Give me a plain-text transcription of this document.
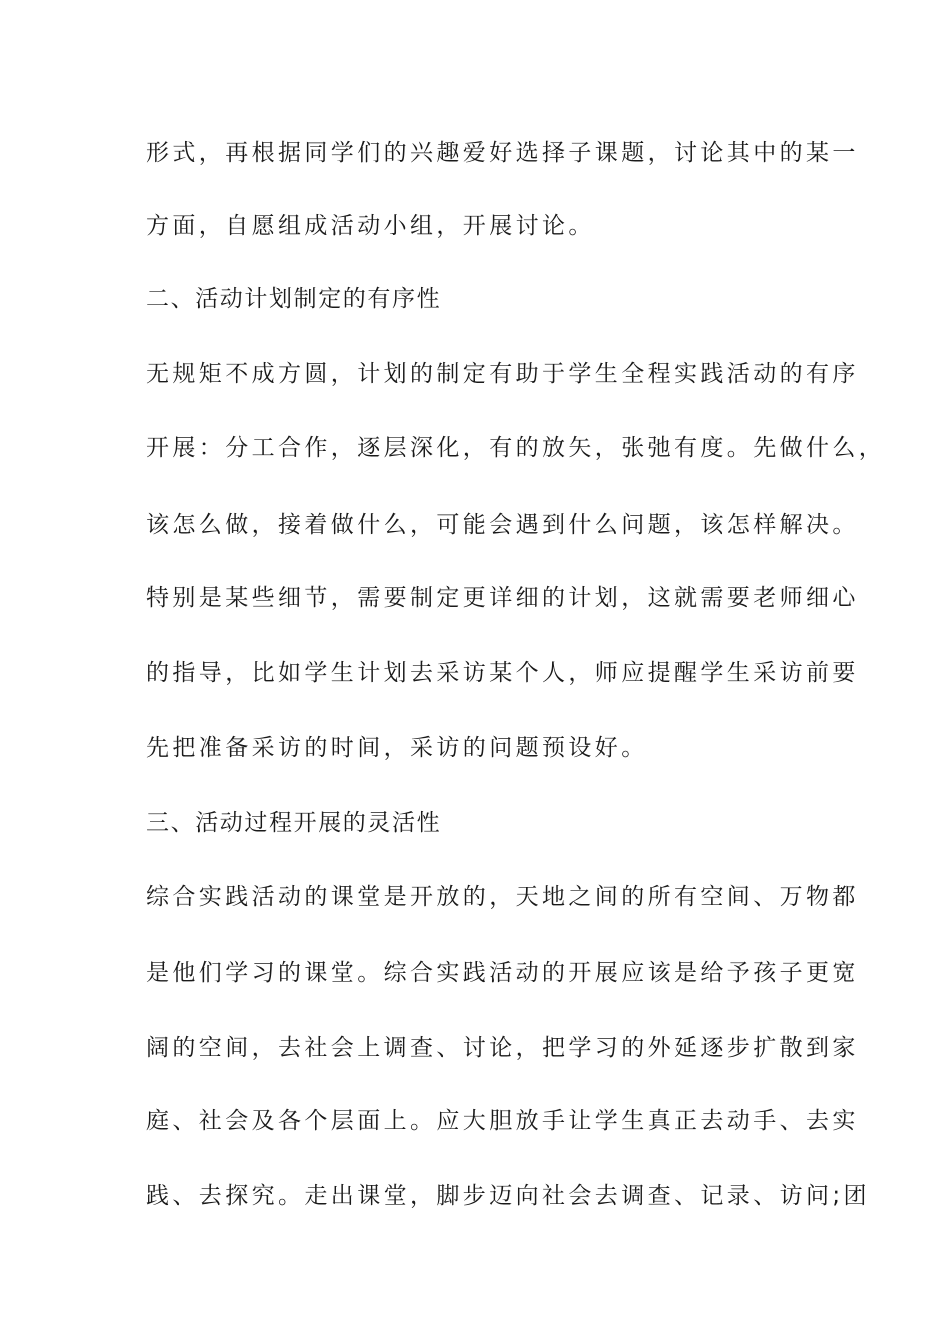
形式，再根据同学们的兴趣爱好选择子课题，讨论其中的某一
方面，自愿组成活动小组，开展讨论。
二、活动计划制定的有序性
无规矩不成方圆，计划的制定有助于学生全程实践活动的有序
开展：分工合作，逐层深化，有的放矢，张弛有度。先做什么，
该怎么做，接着做什么，可能会遇到什么问题，该怎样解决。
特别是某些细节，需要制定更详细的计划，这就需要老师细心
的指导，比如学生计划去采访某个人，师应提醒学生采访前要
先把准备采访的时间，采访的问题预设好。
三、活动过程开展的灵活性
综合实践活动的课堂是开放的，天地之间的所有空间、万物都
是他们学习的课堂。综合实践活动的开展应该是给予孩子更宽
阔的空间，去社会上调查、讨论，把学习的外延逐步扩散到家
庭、社会及各个层面上。应大胆放手让学生真正去动手、去实
践、去探究。走出课堂，脚步迈向社会去调查、记录、访问;团
